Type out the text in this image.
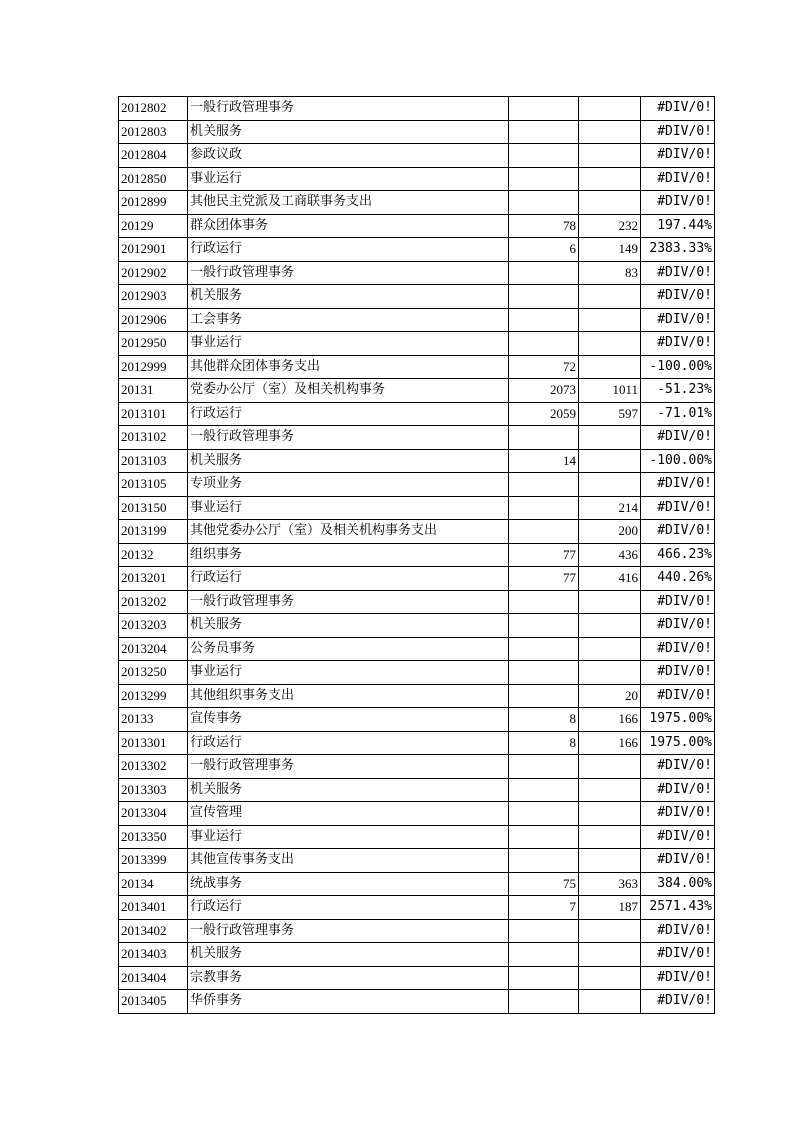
2012802	一般行政管理事务			#DIV/0!
2012803	机关服务			#DIV/0!
2012804	参政议政			#DIV/0!
2012850	事业运行			#DIV/0!
2012899	其他民主党派及工商联事务支出			#DIV/0!
20129	群众团体事务	78	232	197.44%
2012901	行政运行	6	149	2383.33%
2012902	一般行政管理事务		83	#DIV/0!
2012903	机关服务			#DIV/0!
2012906	工会事务			#DIV/0!
2012950	事业运行			#DIV/0!
2012999	其他群众团体事务支出	72		-100.00%
20131	党委办公厅（室）及相关机构事务	2073	1011	-51.23%
2013101	行政运行	2059	597	-71.01%
2013102	一般行政管理事务			#DIV/0!
2013103	机关服务	14		-100.00%
2013105	专项业务			#DIV/0!
2013150	事业运行		214	#DIV/0!
2013199	其他党委办公厅（室）及相关机构事务支出		200	#DIV/0!
20132	组织事务	77	436	466.23%
2013201	行政运行	77	416	440.26%
2013202	一般行政管理事务			#DIV/0!
2013203	机关服务			#DIV/0!
2013204	公务员事务			#DIV/0!
2013250	事业运行			#DIV/0!
2013299	其他组织事务支出		20	#DIV/0!
20133	宣传事务	8	166	1975.00%
2013301	行政运行	8	166	1975.00%
2013302	一般行政管理事务			#DIV/0!
2013303	机关服务			#DIV/0!
2013304	宣传管理			#DIV/0!
2013350	事业运行			#DIV/0!
2013399	其他宣传事务支出			#DIV/0!
20134	统战事务	75	363	384.00%
2013401	行政运行	7	187	2571.43%
2013402	一般行政管理事务			#DIV/0!
2013403	机关服务			#DIV/0!
2013404	宗教事务			#DIV/0!
2013405	华侨事务			#DIV/0!
